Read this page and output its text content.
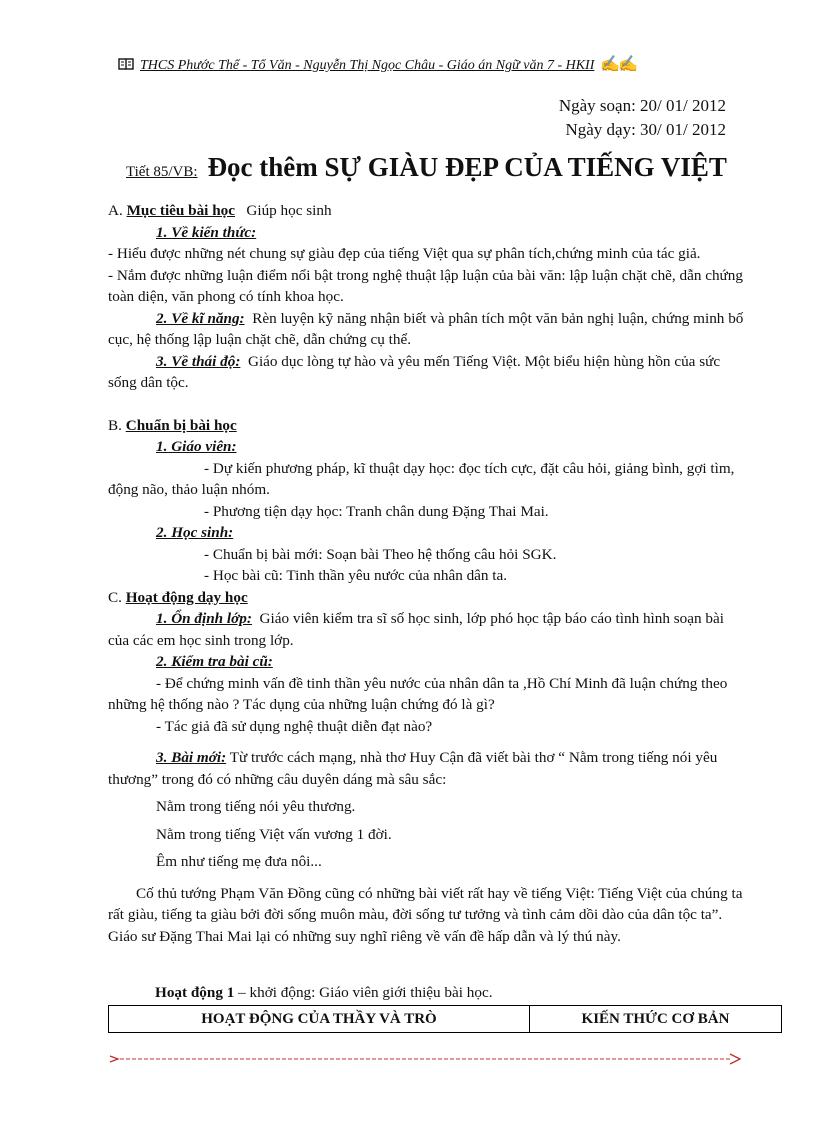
THCS Phước Thể - Tổ Văn - Nguyễn Thị Ngọc Châu - Giáo án Ngữ văn 7 - HKII ✍✍
Ngày soạn: 20/ 01/ 2012
Ngày dạy: 30/ 01/ 2012
Tiết 85/VB: Đọc thêm SỰ GIÀU ĐẸP CỦA TIẾNG VIỆT

A. Mục tiêu bài học Giúp học sinh

1. Về kiến thức:

- Hiểu được những nét chung sự giàu đẹp của tiếng Việt qua sự phân tích,chứng minh của tác giả.

- Nắm được những luận điểm nổi bật trong nghệ thuật lập luận của bài văn: lập luận chặt chẽ, dẫn chứng toàn diện, văn phong có tính khoa học.

2. Về kĩ năng: Rèn luyện kỹ năng nhận biết và phân tích một văn bản nghị luận, chứng minh bố cục, hệ thống lập luận chặt chẽ, dẫn chứng cụ thể.

3. Về thái độ: Giáo dục lòng tự hào và yêu mến Tiếng Việt. Một biểu hiện hùng hồn của sức sống dân tộc.

B. Chuẩn bị bài học

1. Giáo viên:

- Dự kiến phương pháp, kĩ thuật dạy học: đọc tích cực, đặt câu hỏi, giảng bình, gợi tìm, động não, thảo luận nhóm.

- Phương tiện dạy học: Tranh chân dung Đặng Thai Mai.

2. Học sinh:

- Chuẩn bị bài mới: Soạn bài Theo hệ thống câu hỏi SGK.

- Học bài cũ: Tinh thần yêu nước của nhân dân ta.

C. Hoạt động dạy học

1. Ổn định lớp: Giáo viên kiểm tra sĩ số học sinh, lớp phó học tập báo cáo tình hình soạn bài của các em học sinh trong lớp.

2. Kiểm tra bài cũ:

- Để chứng minh vấn đề tinh thần yêu nước của nhân dân ta ,Hồ Chí Minh đã luận chứng theo những hệ thống nào ? Tác dụng của những luận chứng đó là gì?

- Tác giả đã sử dụng nghệ thuật diễn đạt nào?

3. Bài mới: Từ trước cách mạng, nhà thơ Huy Cận đã viết bài thơ “ Nằm trong tiếng nói yêu thương” trong đó có những câu duyên dáng mà sâu sắc:

Nằm trong tiếng nói yêu thương.

Nằm trong tiếng Việt vấn vương 1 đời.

Êm như tiếng mẹ đưa nôi...

Cố thủ tướng Phạm Văn Đồng cũng có những bài viết rất hay về tiếng Việt: Tiếng Việt của chúng ta rất giàu, tiếng ta giàu bởi đời sống muôn màu, đời sống tư tưởng và tình cảm dồi dào của dân tộc ta”. Giáo sư Đặng Thai Mai lại có những suy nghĩ riêng về vấn đề hấp dẫn và lý thú này.

Hoạt động 1 – khởi động: Giáo viên giới thiệu bài học.
HOẠT ĐỘNG CỦA THẦY VÀ TRÒ	KIẾN THỨC CƠ BẢN
